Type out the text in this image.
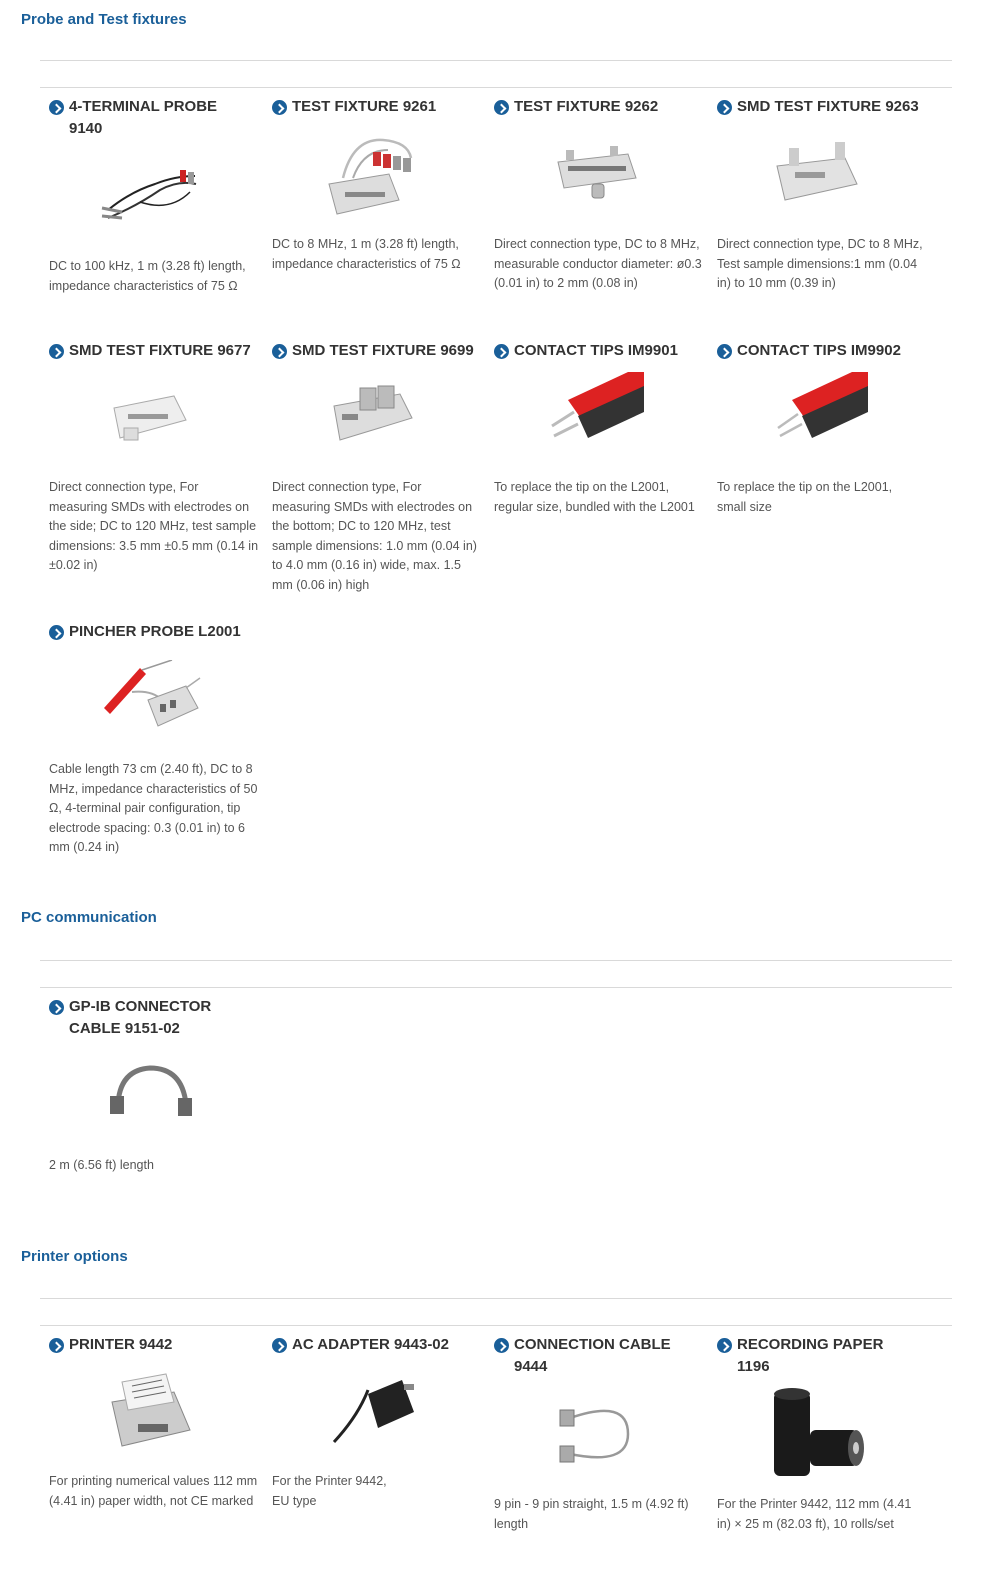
Probe and Test fixtures
4-TERMINAL PROBE
9140
DC to 100 kHz, 1 m (3.28 ft) length, impedance characteristics of 75 Ω
TEST FIXTURE 9261
DC to 8 MHz, 1 m (3.28 ft) length, impedance characteristics of 75 Ω
TEST FIXTURE 9262
Direct connection type, DC to 8 MHz, measurable conductor diameter: ø0.3 (0.01 in) to 2 mm (0.08 in)
SMD TEST FIXTURE 9263
Direct connection type, DC to 8 MHz, Test sample dimensions:1 mm (0.04 in) to 10 mm (0.39 in)
SMD TEST FIXTURE 9677
Direct connection type, For measuring SMDs with electrodes on the side; DC to 120 MHz, test sample dimensions: 3.5 mm ±0.5 mm (0.14 in ±0.02 in)
SMD TEST FIXTURE 9699
Direct connection type, For measuring SMDs with electrodes on the bottom; DC to 120 MHz, test sample dimensions: 1.0 mm (0.04 in) to 4.0 mm (0.16 in) wide, max. 1.5 mm (0.06 in) high
CONTACT TIPS IM9901
To replace the tip on the L2001, regular size, bundled with the L2001
CONTACT TIPS IM9902
To replace the tip on the L2001, small size
PINCHER PROBE L2001
Cable length 73 cm (2.40 ft), DC to 8 MHz, impedance characteristics of 50 Ω, 4-terminal pair configuration, tip electrode spacing: 0.3 (0.01 in) to 6 mm (0.24 in)
PC communication
GP-IB CONNECTOR
CABLE 9151-02
2 m (6.56 ft) length
Printer options
PRINTER 9442
For printing numerical values 112 mm (4.41 in) paper width, not CE marked
AC ADAPTER 9443-02
For the Printer 9442,
EU type
CONNECTION CABLE
9444
9 pin - 9 pin straight, 1.5 m (4.92 ft) length
RECORDING PAPER
1196
For the Printer 9442, 112 mm (4.41 in) × 25 m (82.03 ft), 10 rolls/set
